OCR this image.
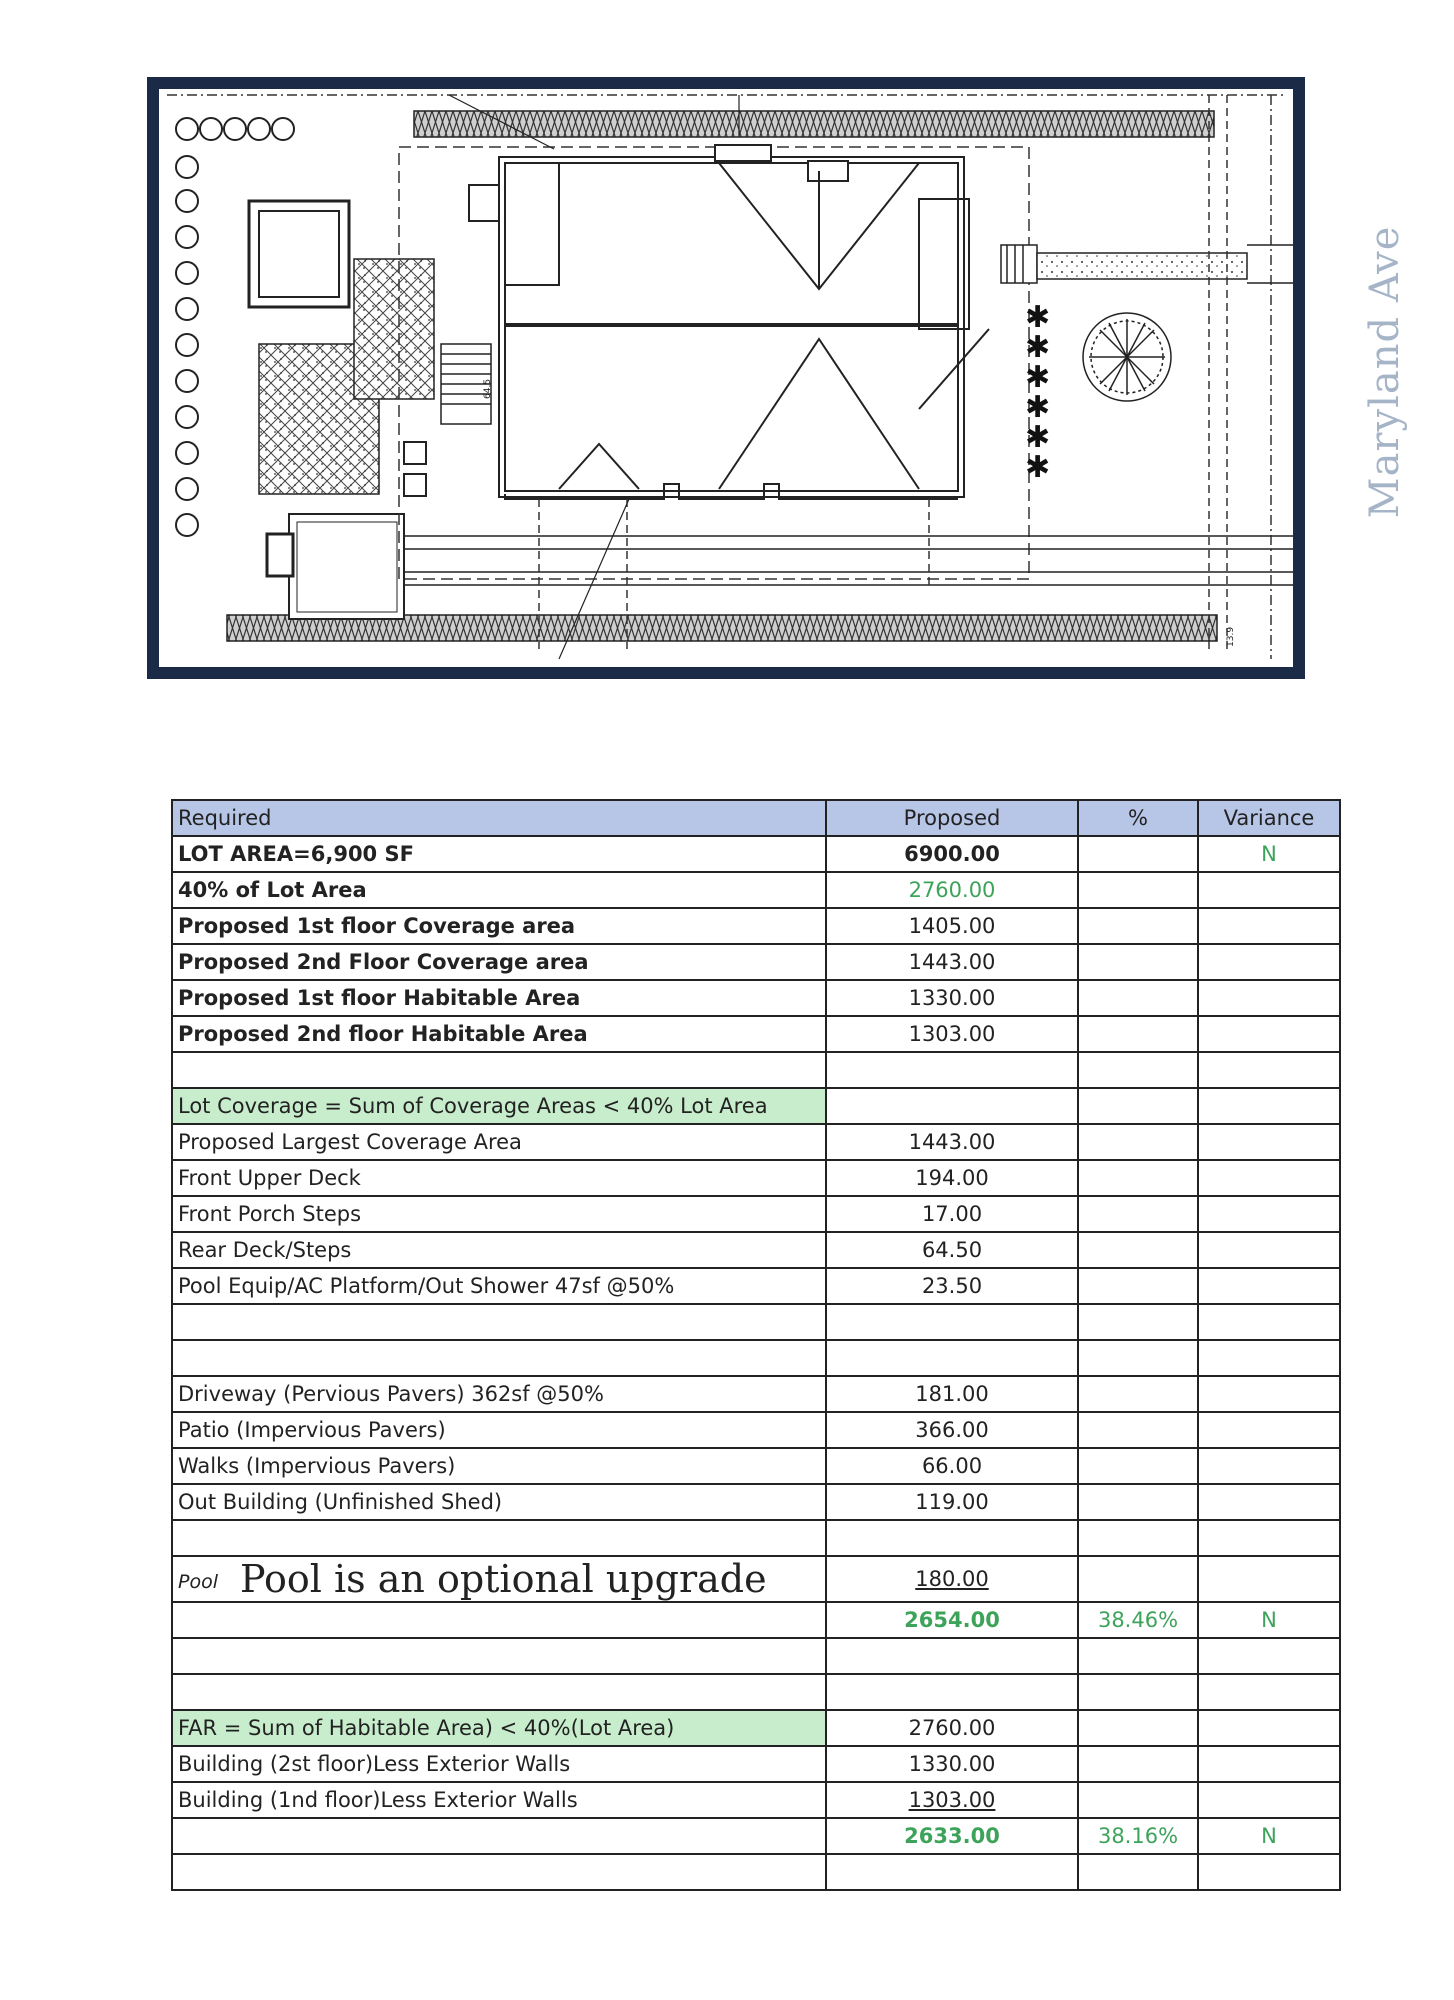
64.5
✱
✱
✱
✱
✱
✱
13.9
Maryland Ave
Required	Proposed	%	Variance
LOT AREA=6,900 SF	6900.00		N
40% of Lot Area	2760.00		
Proposed 1st floor Coverage area	1405.00		
Proposed 2nd Floor Coverage area	1443.00		
Proposed 1st floor Habitable Area	1330.00		
Proposed 2nd floor Habitable Area	1303.00		

Lot Coverage = Sum of Coverage Areas < 40% Lot Area			
Proposed Largest Coverage Area	1443.00		
Front Upper Deck	194.00		
Front Porch Steps	17.00		
Rear Deck/Steps	64.50		
Pool Equip/AC Platform/Out Shower 47sf @50%	23.50		

Driveway (Pervious Pavers) 362sf @50%	181.00		
Patio (Impervious Pavers)	366.00		
Walks (Impervious Pavers)	66.00		
Out Building (Unfinished Shed)	119.00		

Pool Pool is an optional upgrade	180.00		
	2654.00	38.46%	N

FAR = Sum of Habitable Area) < 40%(Lot Area)	2760.00		
Building (2st floor)Less Exterior Walls	1330.00		
Building (1nd floor)Less Exterior Walls	1303.00		
	2633.00	38.16%	N
